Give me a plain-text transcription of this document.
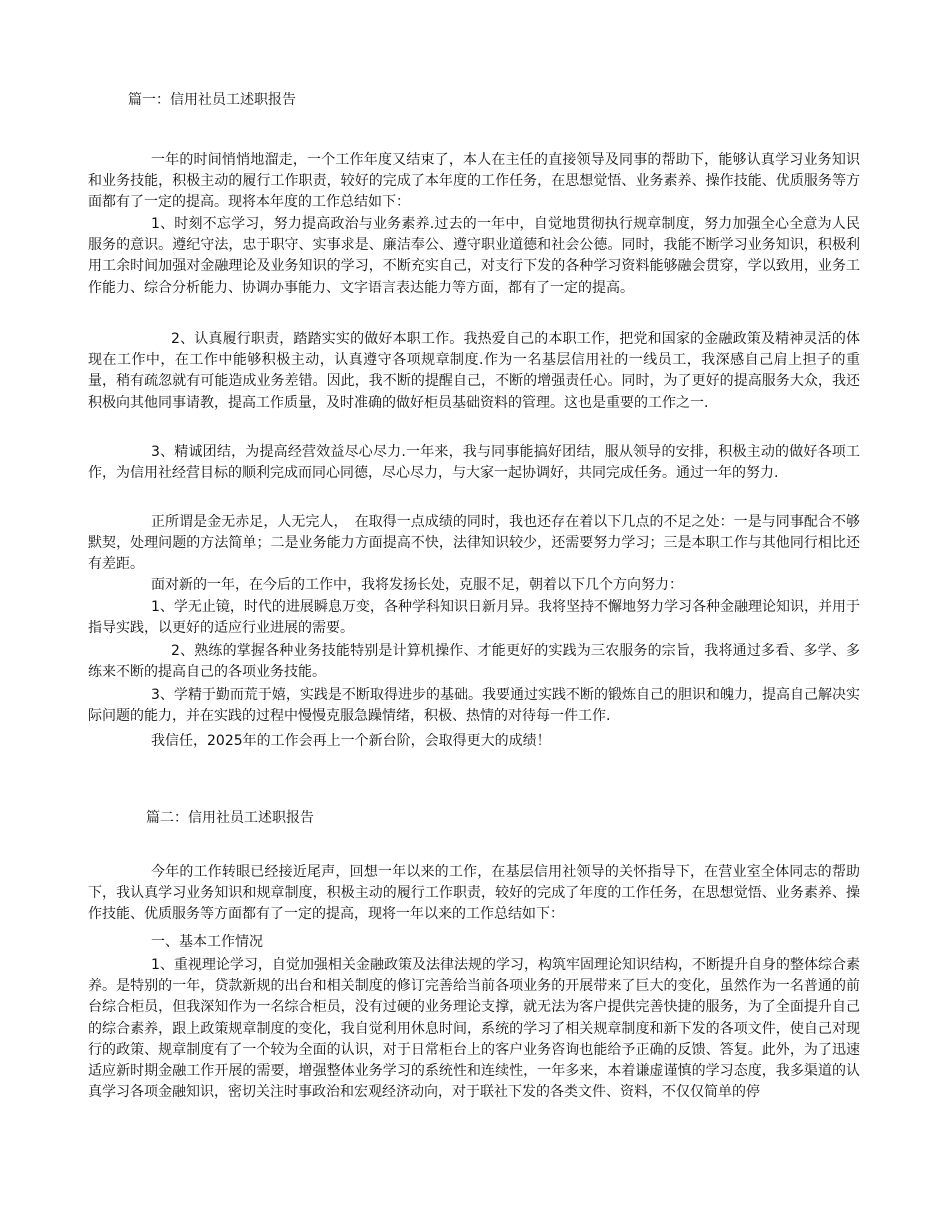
篇一：信用社员工述职报告

一年的时间悄悄地溜走，一个工作年度又结束了，本人在主任的直接领导及同事的帮助下，能够认真学习业务知识和业务技能，积极主动的履行工作职责，较好的完成了本年度的工作任务，在思想觉悟、业务素养、操作技能、优质服务等方面都有了一定的提高。现将本年度的工作总结如下：

1、时刻不忘学习，努力提高政治与业务素养.过去的一年中，自觉地贯彻执行规章制度，努力加强全心全意为人民服务的意识。遵纪守法，忠于职守、实事求是、廉洁奉公、遵守职业道德和社会公德。同时，我能不断学习业务知识，积极利用工余时间加强对金融理论及业务知识的学习，不断充实自己，对支行下发的各种学习资料能够融会贯穿，学以致用，业务工作能力、综合分析能力、协调办事能力、文字语言表达能力等方面，都有了一定的提高。

2、认真履行职责，踏踏实实的做好本职工作。我热爱自己的本职工作，把党和国家的金融政策及精神灵活的体现在工作中，在工作中能够积极主动，认真遵守各项规章制度.作为一名基层信用社的一线员工，我深感自己肩上担子的重量，稍有疏忽就有可能造成业务差错。因此，我不断的提醒自己，不断的增强责任心。同时，为了更好的提高服务大众，我还积极向其他同事请教，提高工作质量，及时准确的做好柜员基础资料的管理。这也是重要的工作之一.

3、精诚团结，为提高经营效益尽心尽力.一年来，我与同事能搞好团结，服从领导的安排，积极主动的做好各项工作，为信用社经营目标的顺利完成而同心同德，尽心尽力，与大家一起协调好，共同完成任务。通过一年的努力.

正所谓是金无赤足，人无完人，　在取得一点成绩的同时，我也还存在着以下几点的不足之处：一是与同事配合不够默契，处理问题的方法简单；二是业务能力方面提高不快，法律知识较少，还需要努力学习；三是本职工作与其他同行相比还有差距。

面对新的一年，在今后的工作中，我将发扬长处，克服不足，朝着以下几个方向努力：

1、学无止镜，时代的进展瞬息万变，各种学科知识日新月异。我将坚持不懈地努力学习各种金融理论知识，并用于指导实践，以更好的适应行业进展的需要。

2、熟练的掌握各种业务技能特别是计算机操作、才能更好的实践为三农服务的宗旨，我将通过多看、多学、多练来不断的提高自己的各项业务技能。

3、学精于勤而荒于嬉，实践是不断取得进步的基础。我要通过实践不断的锻炼自己的胆识和魄力，提高自己解决实际问题的能力，并在实践的过程中慢慢克服急躁情绪，积极、热情的对待每一件工作.

我信任，2025年的工作会再上一个新台阶，会取得更大的成绩！

篇二：信用社员工述职报告

今年的工作转眼已经接近尾声，回想一年以来的工作，在基层信用社领导的关怀指导下，在营业室全体同志的帮助下，我认真学习业务知识和规章制度，积极主动的履行工作职责，较好的完成了年度的工作任务，在思想觉悟、业务素养、操作技能、优质服务等方面都有了一定的提高，现将一年以来的工作总结如下：

一、基本工作情况

1、重视理论学习，自觉加强相关金融政策及法律法规的学习，构筑牢固理论知识结构，不断提升自身的整体综合素养。是特别的一年，贷款新规的出台和相关制度的修订完善给当前各项业务的开展带来了巨大的变化，虽然作为一名普通的前台综合柜员，但我深知作为一名综合柜员，没有过硬的业务理论支撑，就无法为客户提供完善快捷的服务，为了全面提升自己的综合素养，跟上政策规章制度的变化，我自觉利用休息时间，系统的学习了相关规章制度和新下发的各项文件，使自己对现行的政策、规章制度有了一个较为全面的认识，对于日常柜台上的客户业务咨询也能给予正确的反馈、答复。此外，为了迅速适应新时期金融工作开展的需要，增强整体业务学习的系统性和连续性，一年多来，本着谦虚谨慎的学习态度，我多渠道的认真学习各项金融知识，密切关注时事政治和宏观经济动向，对于联社下发的各类文件、资料，不仅仅简单的停
